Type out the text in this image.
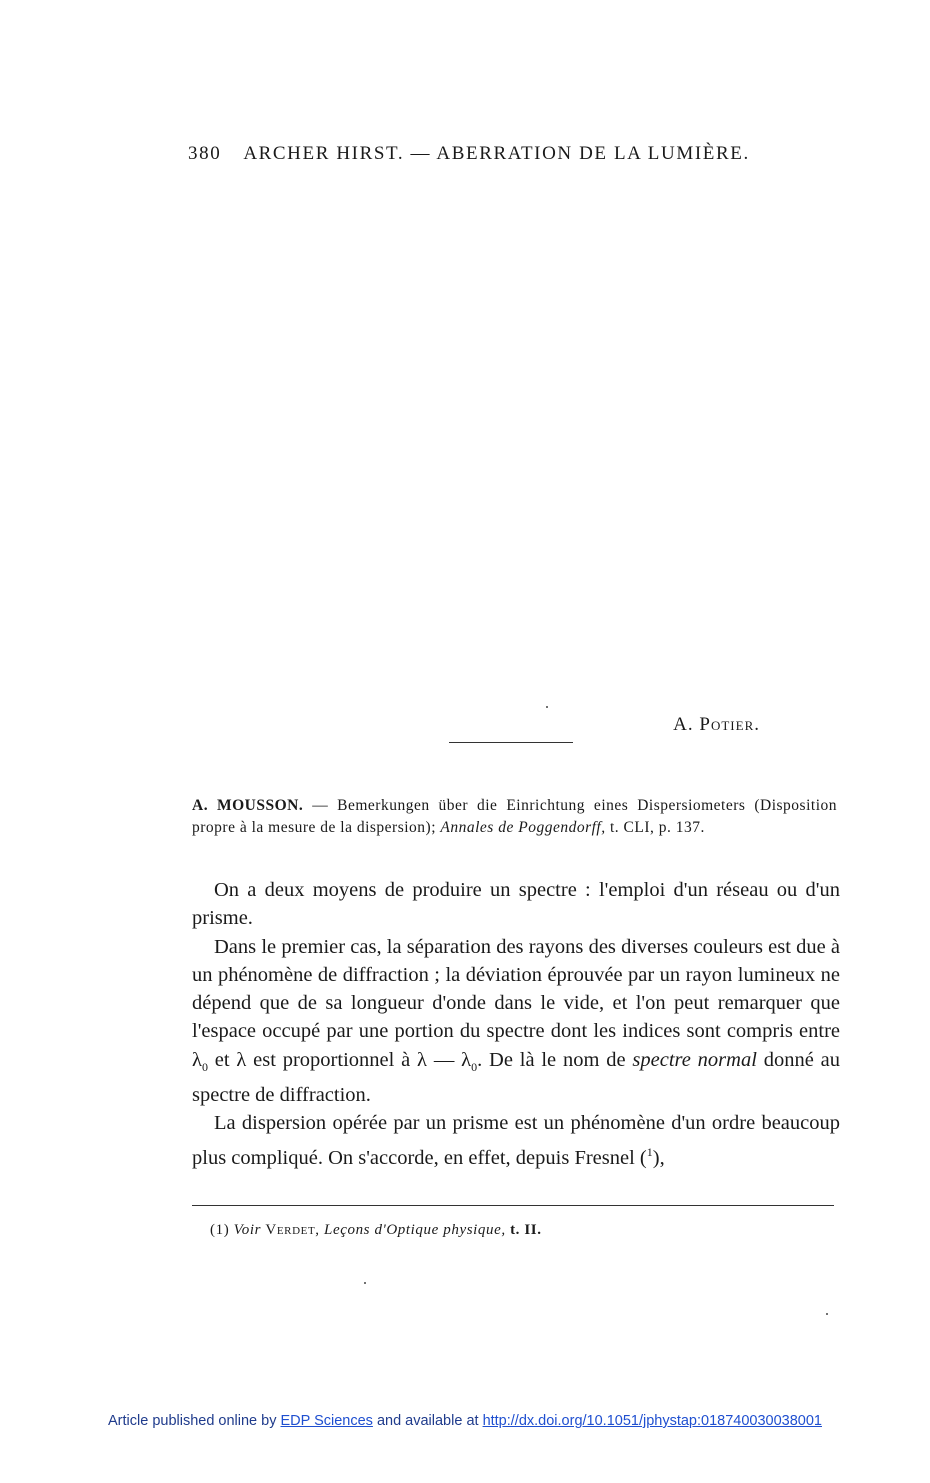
380 ARCHER HIRST. — ABERRATION DE LA LUMIÈRE.
A. Potier.
A. MOUSSON. — Bemerkungen über die Einrichtung eines Dispersiometers (Disposition propre à la mesure de la dispersion); Annales de Poggendorff, t. CLI, p. 137.

On a deux moyens de produire un spectre : l'emploi d'un réseau ou d'un prisme.

Dans le premier cas, la séparation des rayons des diverses couleurs est due à un phénomène de diffraction ; la déviation éprouvée par un rayon lumineux ne dépend que de sa longueur d'onde dans le vide, et l'on peut remarquer que l'espace occupé par une portion du spectre dont les indices sont compris entre $\lambda_0$ et λ est proportionnel à λ — $\lambda_0$. De là le nom de spectre normal donné au spectre de diffraction.

La dispersion opérée par un prisme est un phénomène d'un ordre beaucoup plus compliqué. On s'accorde, en effet, depuis Fresnel ($^1$),

(1) Voir Verdet, Leçons d'Optique physique, t. II.
Article published online by EDP Sciences and available at http://dx.doi.org/10.1051/jphystap:018740030038001
